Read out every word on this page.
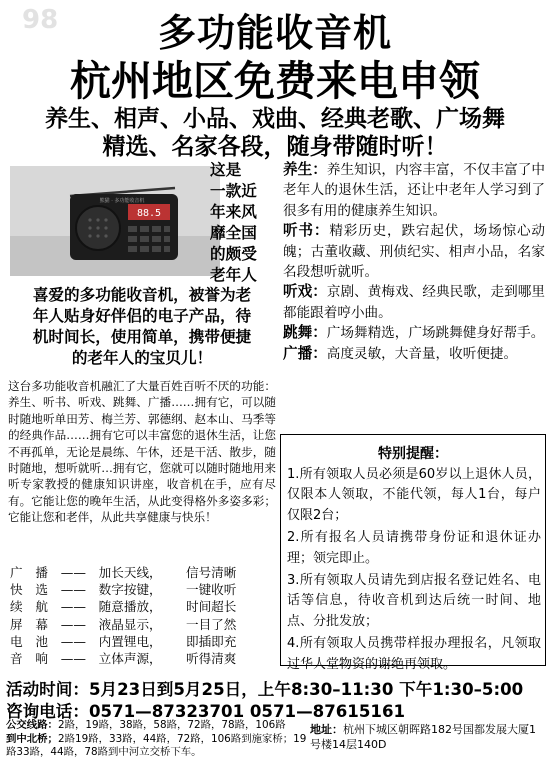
98	多功能收音机
杭州地区免费来电申领
养生、相声、小品、戏曲、经典老歌、广场舞
精选、名家各段，随身带随时听！
88.5
熊猫 · 多功能收音机
这是
一款近
年来风
靡全国
的颇受
老年人
喜爱的多功能收音机，被誉为老
年人贴身好伴侣的电子产品，待
机时间长，使用简单，携带便捷
的老年人的宝贝儿！
这台多功能收音机融汇了大量百姓百听不厌的功能：养生、听书、听戏、跳舞、广播……拥有它，可以随时随地听单田芳、梅兰芳、郭德纲、赵本山、马季等的经典作品……拥有它可以丰富您的退休生活，让您不再孤单，无论是晨练、午休，还是干活、散步，随时随地，想听就听…拥有它，您就可以随时随地用来听专家教授的健康知识讲座，收音机在手，应有尽有。它能让您的晚年生活，从此变得格外多姿多彩；它能让您和老伴，从此共享健康与快乐！
广播	——	加长天线，	信号清晰
快选	——	数字按键，	一键收听
续航	——	随意播放，	时间超长
屏幕	——	液晶显示，	一目了然
电池	——	内置锂电，	即插即充
音响	——	立体声源，	听得清爽

养生：养生知识，内容丰富，不仅丰富了中老年人的退休生活，还让中老年人学习到了很多有用的健康养生知识。

听书：精彩历史，跌宕起伏，场场惊心动魄；古董收藏、刑侦纪实、相声小品，名家名段想听就听。

听戏：京剧、黄梅戏、经典民歌，走到哪里都能跟着哼小曲。

跳舞：广场舞精选，广场跳舞健身好帮手。

广播：高度灵敏，大音量，收听便捷。

特别提醒：
1.所有领取人员必须是60岁以上退休人员，仅限本人领取，不能代领，每人1台，每户仅限2台；
2.所有报名人员请携带身份证和退休证办理；领完即止。
3.所有领取人员请先到店报名登记姓名、电话等信息，待收音机到达后统一时间、地点、分批发放；
4.所有领取人员携带样报办理报名，凡领取过华人堂物资的谢绝再领取。
活动时间：5月23日到5月25日，上午8:30–11:30 下午1:30–5:00
咨询电话：0571—87323701 0571—87615161
公交线路：2路，19路，38路，58路，72路，78路，106路
到中北桥；2路19路，33路，44路，72路，106路到施家桥；19路33路，44路，78路到中河立交桥下车。
地址：杭州下城区朝晖路182号国都发展大厦1号楼14层140D
